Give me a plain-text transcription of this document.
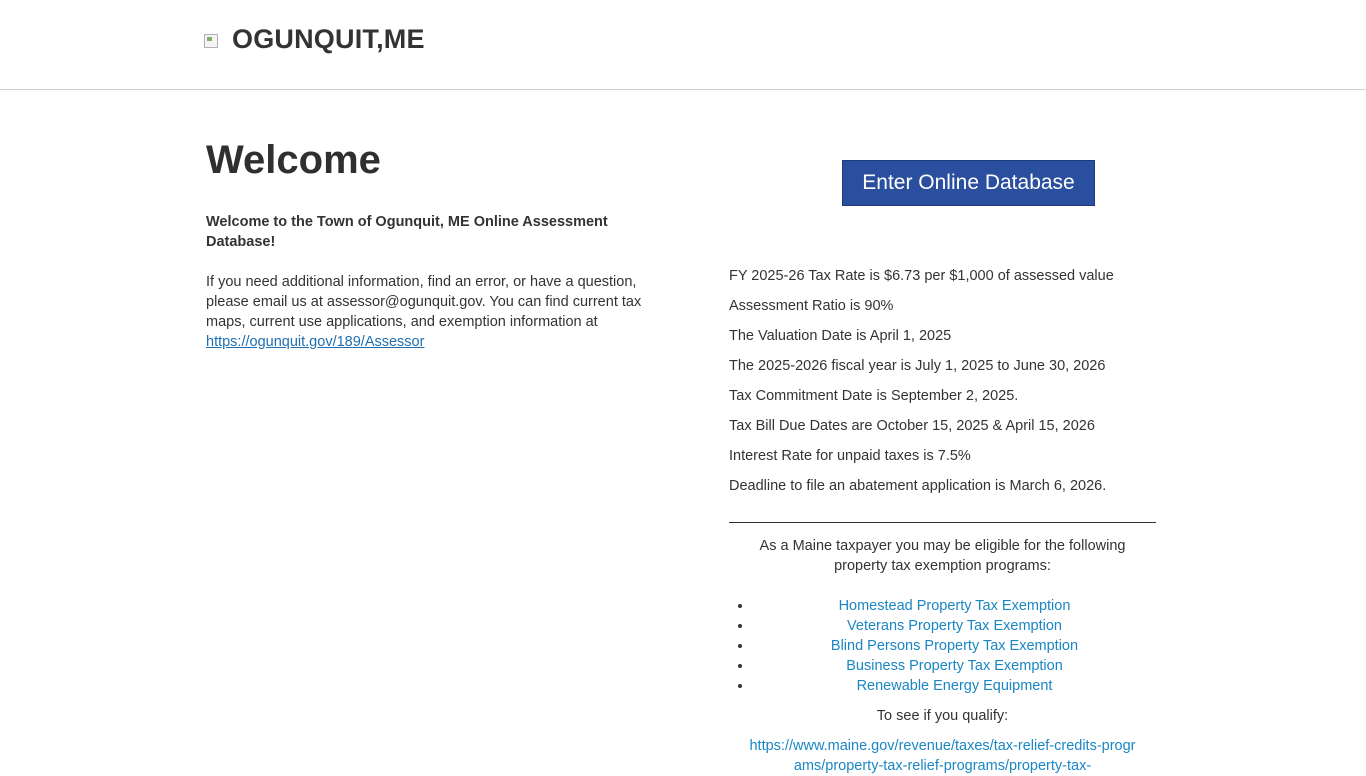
OGUNQUIT,ME
Welcome

Welcome to the Town of Ogunquit, ME Online Assessment Database!

If you need additional information, find an error, or have a question, please email us at assessor@ogunquit.gov. You can find current tax maps, current use applications, and exemption information at https://ogunquit.gov/189/Assessor

Enter Online Database
FY 2025-26 Tax Rate is $6.73 per $1,000 of assessed value
Assessment Ratio is 90%
The Valuation Date is April 1, 2025
The 2025-2026 fiscal year is July 1, 2025 to June 30, 2026
Tax Commitment Date is September 2, 2025.
Tax Bill Due Dates are October 15, 2025 & April 15, 2026
Interest Rate for unpaid taxes is 7.5%
Deadline to file an abatement application is March 6, 2026.

As a Maine taxpayer you may be eligible for the following property tax exemption programs:

• Homestead Property Tax Exemption
• Veterans Property Tax Exemption
• Blind Persons Property Tax Exemption
• Business Property Tax Exemption
• Renewable Energy Equipment

To see if you qualify:

https://www.maine.gov/revenue/taxes/tax-relief-credits-programs/property-tax-relief-programs/property-tax-
